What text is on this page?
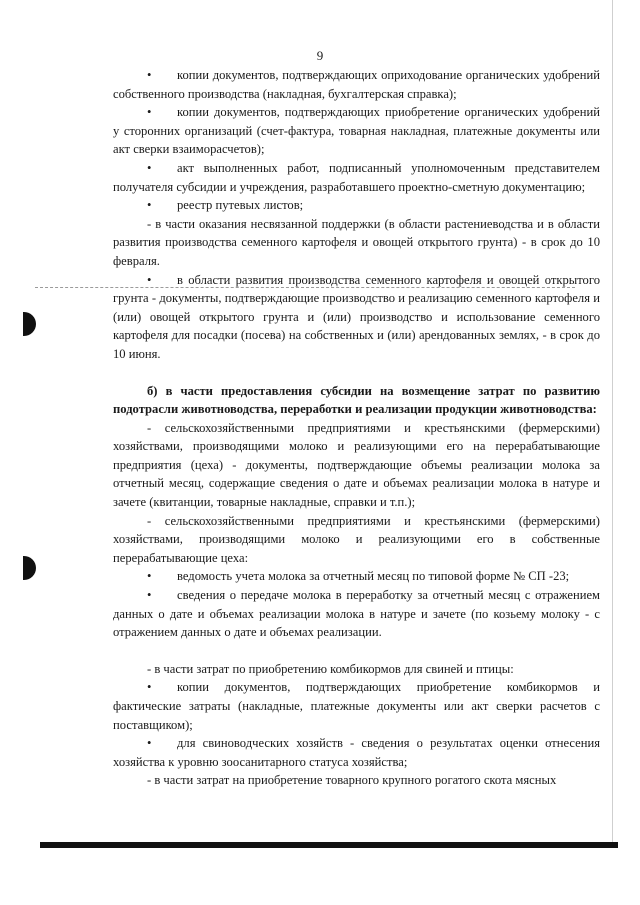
9

• копии документов, подтверждающих оприходование органических удобрений собственного производства (накладная, бухгалтерская справка);

• копии документов, подтверждающих приобретение органических удобрений у сторонних организаций (счет-фактура, товарная накладная, платежные документы или акт сверки взаиморасчетов);

• акт выполненных работ, подписанный уполномоченным представителем получателя субсидии и учреждения, разработавшего проектно-сметную документацию;

• реестр путевых листов;

- в части оказания несвязанной поддержки (в области растениеводства и в области развития производства семенного картофеля и овощей открытого грунта) - в срок до 10 февраля.

• в области развития производства семенного картофеля и овощей открытого грунта - документы, подтверждающие производство и реализацию семенного картофеля и (или) овощей открытого грунта и (или) производство и использование семенного картофеля для посадки (посева) на собственных и (или) арендованных землях, - в срок до 10 июня.

б) в части предоставления субсидии на возмещение затрат по развитию подотрасли животноводства, переработки и реализации продукции животноводства:

- сельскохозяйственными предприятиями и крестьянскими (фермерскими) хозяйствами, производящими молоко и реализующими его на перерабатывающие предприятия (цеха) - документы, подтверждающие объемы реализации молока за отчетный месяц, содержащие сведения о дате и объемах реализации молока в натуре и зачете (квитанции, товарные накладные, справки и т.п.);

- сельскохозяйственными предприятиями и крестьянскими (фермерскими) хозяйствами, производящими молоко и реализующими его в собственные перерабатывающие цеха:

• ведомость учета молока за отчетный месяц по типовой форме № СП -23;

• сведения о передаче молока в переработку за отчетный месяц с отражением данных о дате и объемах реализации молока в натуре и зачете (по козьему молоку - с отражением данных о дате и объемах реализации.

- в части затрат по приобретению комбикормов для свиней и птицы:

• копии документов, подтверждающих приобретение комбикормов и фактические затраты (накладные, платежные документы или акт сверки расчетов с поставщиком);

• для свиноводческих хозяйств - сведения о результатах оценки отнесения хозяйства к уровню зоосанитарного статуса хозяйства;

- в части затрат на приобретение товарного крупного рогатого скота мясных
